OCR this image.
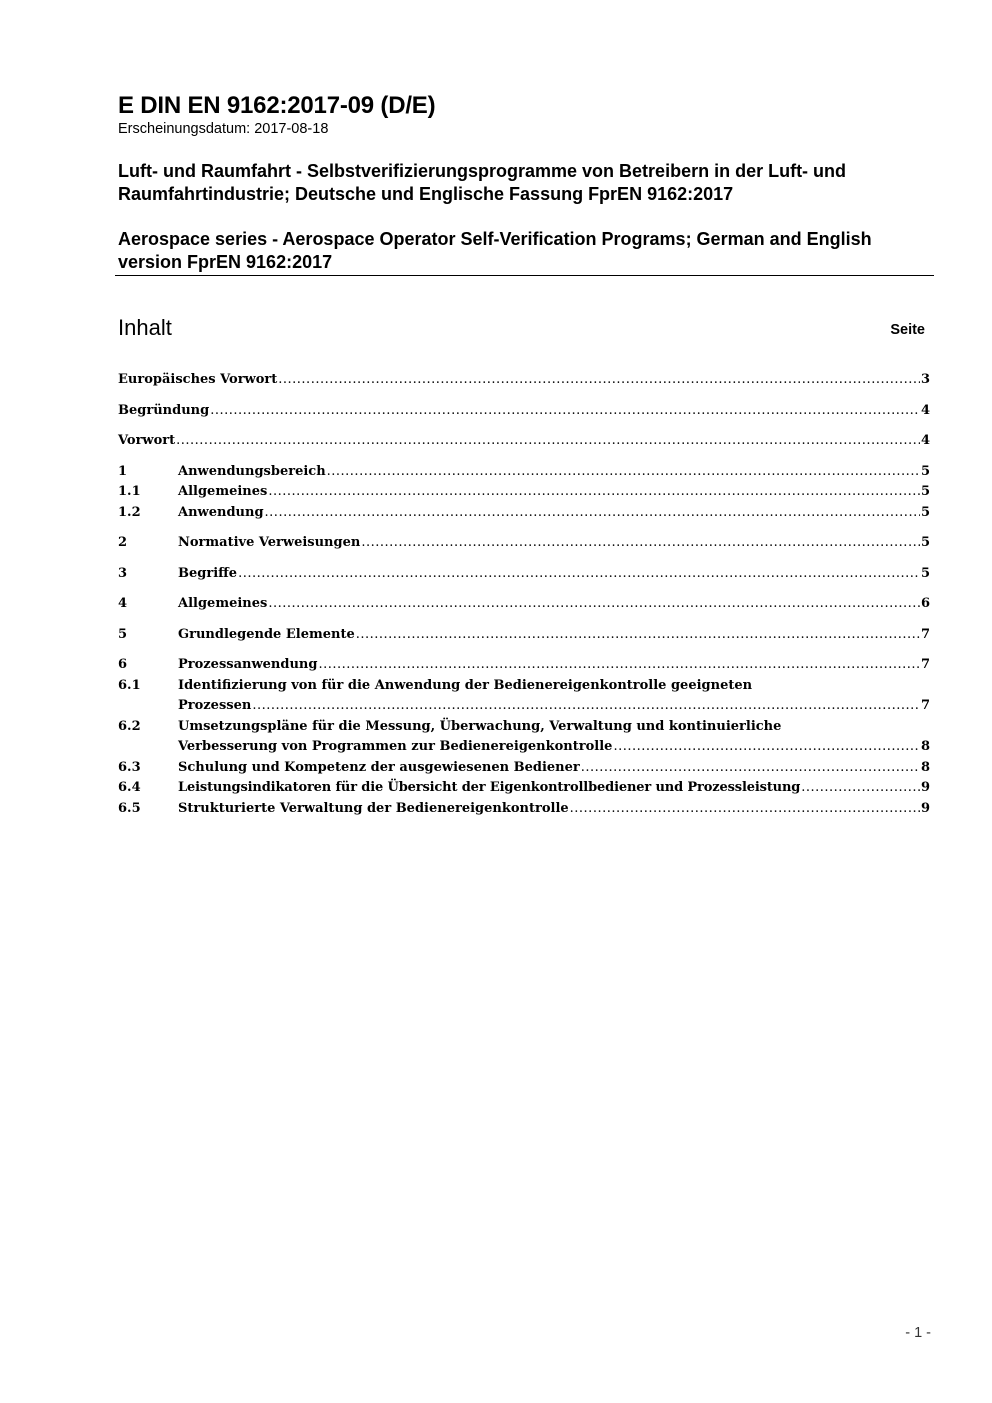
E DIN EN 9162:2017-09 (D/E)

Erscheinungsdatum: 2017-08-18

Luft- und Raumfahrt - Selbstverifizierungsprogramme von Betreibern in der Luft- und Raumfahrtindustrie; Deutsche und Englische Fassung FprEN 9162:2017

Aerospace series - Aerospace Operator Self-Verification Programs; German and English version FprEN 9162:2017

Inhalt	Seite
Europäisches Vorwort .....	3
Begründung .....	4
Vorwort .....	4
1	Anwendungsbereich .....	5
1.1	Allgemeines .....	5
1.2	Anwendung .....	5
2	Normative Verweisungen .....	5
3	Begriffe .....	5
4	Allgemeines .....	6
5	Grundlegende Elemente .....	7
6	Prozessanwendung .....	7
6.1	Identifizierung von für die Anwendung der Bedienereigenkontrolle geeigneten
Prozessen .....	7
6.2	Umsetzungspläne für die Messung, Überwachung, Verwaltung und kontinuierliche
Verbesserung von Programmen zur Bedienereigenkontrolle .....	8
6.3	Schulung und Kompetenz der ausgewiesenen Bediener .....	8
6.4	Leistungsindikatoren für die Übersicht der Eigenkontrollbediener und Prozessleistung .....	9
6.5	Strukturierte Verwaltung der Bedienereigenkontrolle .....	9
- 1 -
